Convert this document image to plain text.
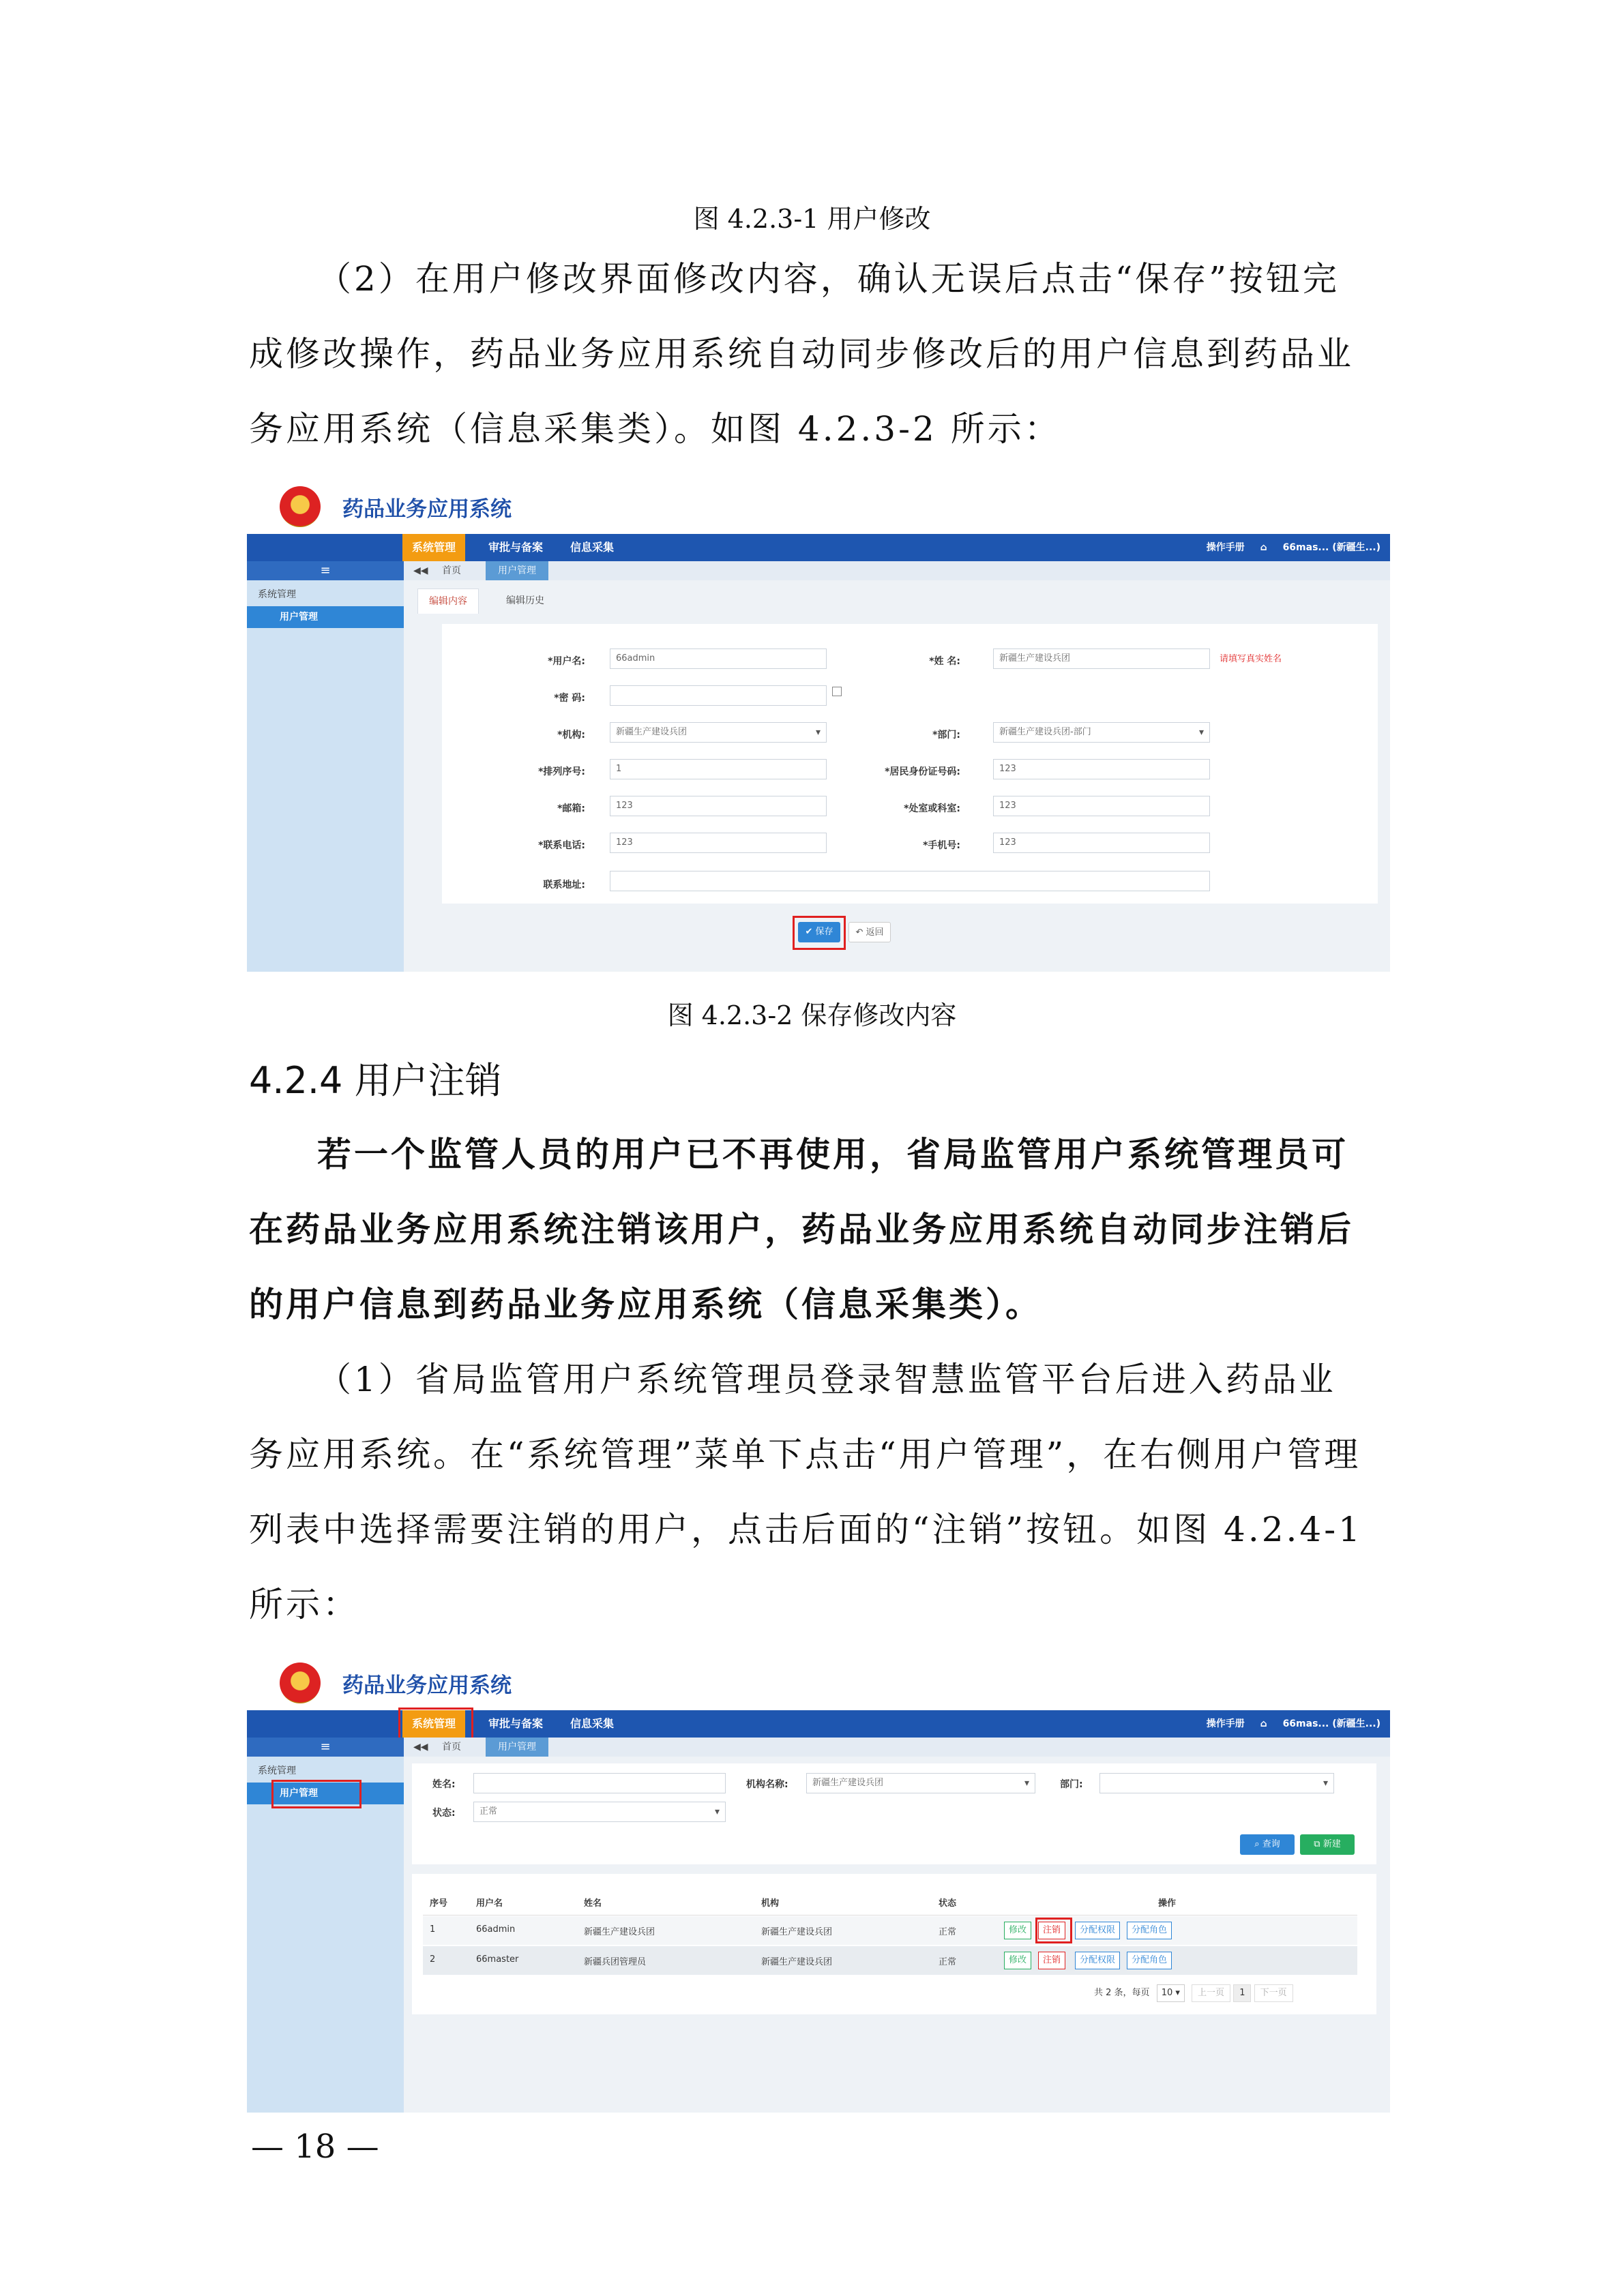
图 4.2.3-1 用户修改
（2）在用户修改界面修改内容，确认无误后点击“保存”按钮完
成修改操作，药品业务应用系统自动同步修改后的用户信息到药品业
务应用系统（信息采集类）。如图 4.2.3-2 所示：
药品业务应用系统
系统管理	审批与备案	信息采集	操作手册 ⌂ 66mas... (新疆生...)
≡	◀◀ 首页	用户管理
系统管理
用户管理
编辑内容	编辑历史
*用户名:	66admin	*姓 名:	新疆生产建设兵团	请填写真实姓名
*密 码:
*机构:	新疆生产建设兵团 ▾	*部门:	新疆生产建设兵团-部门 ▾
*排列序号:	1	*居民身份证号码:	123
*邮箱:	123	*处室或科室:	123
*联系电话:	123	*手机号:	123
联系地址:
✔ 保存	↶ 返回
图 4.2.3-2 保存修改内容
4.2.4 用户注销
若一个监管人员的用户已不再使用，省局监管用户系统管理员可
在药品业务应用系统注销该用户，药品业务应用系统自动同步注销后
的用户信息到药品业务应用系统（信息采集类）。
（1）省局监管用户系统管理员登录智慧监管平台后进入药品业
务应用系统。在“系统管理”菜单下点击“用户管理”，在右侧用户管理
列表中选择需要注销的用户，点击后面的“注销”按钮。如图 4.2.4-1
所示：
药品业务应用系统
系统管理	审批与备案	信息采集	操作手册 ⌂ 66mas... (新疆生...)
≡	◀◀ 首页	用户管理
系统管理
用户管理
姓名:	机构名称:	新疆生产建设兵团 ▾	部门:
▾
状态:	正常 ▾
⌕ 查询	⧉ 新建
序号	用户名	姓名	机构	状态	操作
1	66admin	新疆生产建设兵团	新疆生产建设兵团	正常	修改	注销	分配权限	分配角色
2	66master	新疆兵团管理员	新疆生产建设兵团	正常	修改	注销	分配权限	分配角色
共 2 条，每页 10 ▾ 上一页 1 下一页
— 18 —
